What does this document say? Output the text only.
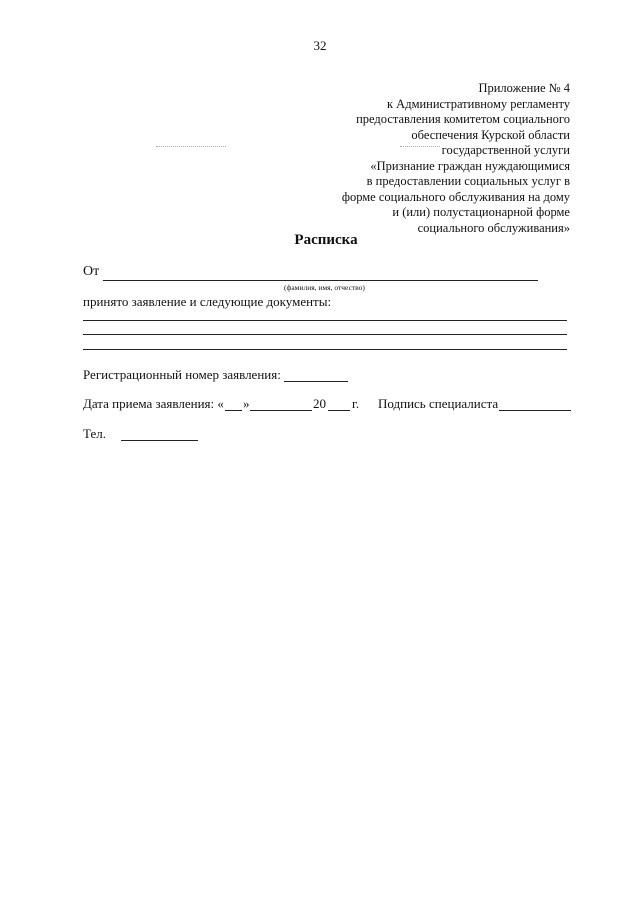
32
Приложение № 4
к Административному регламенту
предоставления комитетом социального
обеспечения Курской области
государственной услуги
«Признание граждан нуждающимися
в предоставлении социальных услуг в
форме социального обслуживания на дому
и (или) полустационарной форме
социального обслуживания»
Расписка
От
(фамилия, имя, отчество)
принято заявление и следующие документы:
Регистрационный номер заявления:
Дата приема заявления: « »	20 г. Подпись специалиста
Тел.
